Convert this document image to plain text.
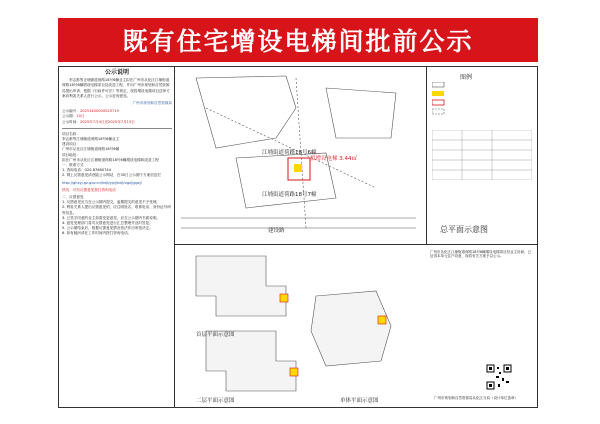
既有住宅增设电梯间批前公示
公示说明
李志都等正埔街道荷路18号6幢业主拟在广州市从化区江埔街道荷路18号6幢增设电梯项目及改造工程，并向广州市规划和自然资源局提出申请，根据《行政许可法》等规定，现将增设电梯项目送审方案向利害关系人进行公示，公示征询意见。
广州市规划和自然资源局
公示编号：20251400000025719
公示期：10日
公示时间：2025年7月4日至2025年7月15日
项目名称：
李志都等江埔街道荷路18号6幢业主
建设项目：
广州市从化区江埔街道荷路18号6幢
项目地址：
拟在广州市从化区江埔街道荷路18号6幢增设电梯和改造工程
一、联系方式
1. 咨询电话：020-87660744
2. 网上反馈意见请登陆公示网站，在30日公示期于方案信息栏
http://ghzyj.gz.gov.cn/hdjl/yjzj/hdjl/xgzj/ggzj/
热线：可有反馈意见拨打咨询电话
二、反馈意见
1. 反馈意见应当在公示期内提交，逾期提交的意见不予受理。
2. 利害关系人提出反馈意见的，应注明姓名、联系电话、身份证号码等信息。
3. 已签字同意的业主如需变更意见，应在公示期内书面说明。
4. 意见受理部门将对反馈意见进行汇总整理并及时答复。
5. 公示期结束后，根据反馈意见情况依法作出审批决定。
6. 如有疑问请在工作时间内拨打咨询电话。
江埔街道荷路18号6幢
拟增设电梯 3.44㎡
江埔街道荷路18号7幢
建设路
图例
总平面示意图
首层平面示意图
二层平面示意图	单体平面示意图
广州市从化区江埔街道荷路18号6幢增设电梯项目经业主协商，已征得本单元住户同意，现将有关方案予以公示。
广州市规划和自然资源局从化区分局（设计单位盖章）
